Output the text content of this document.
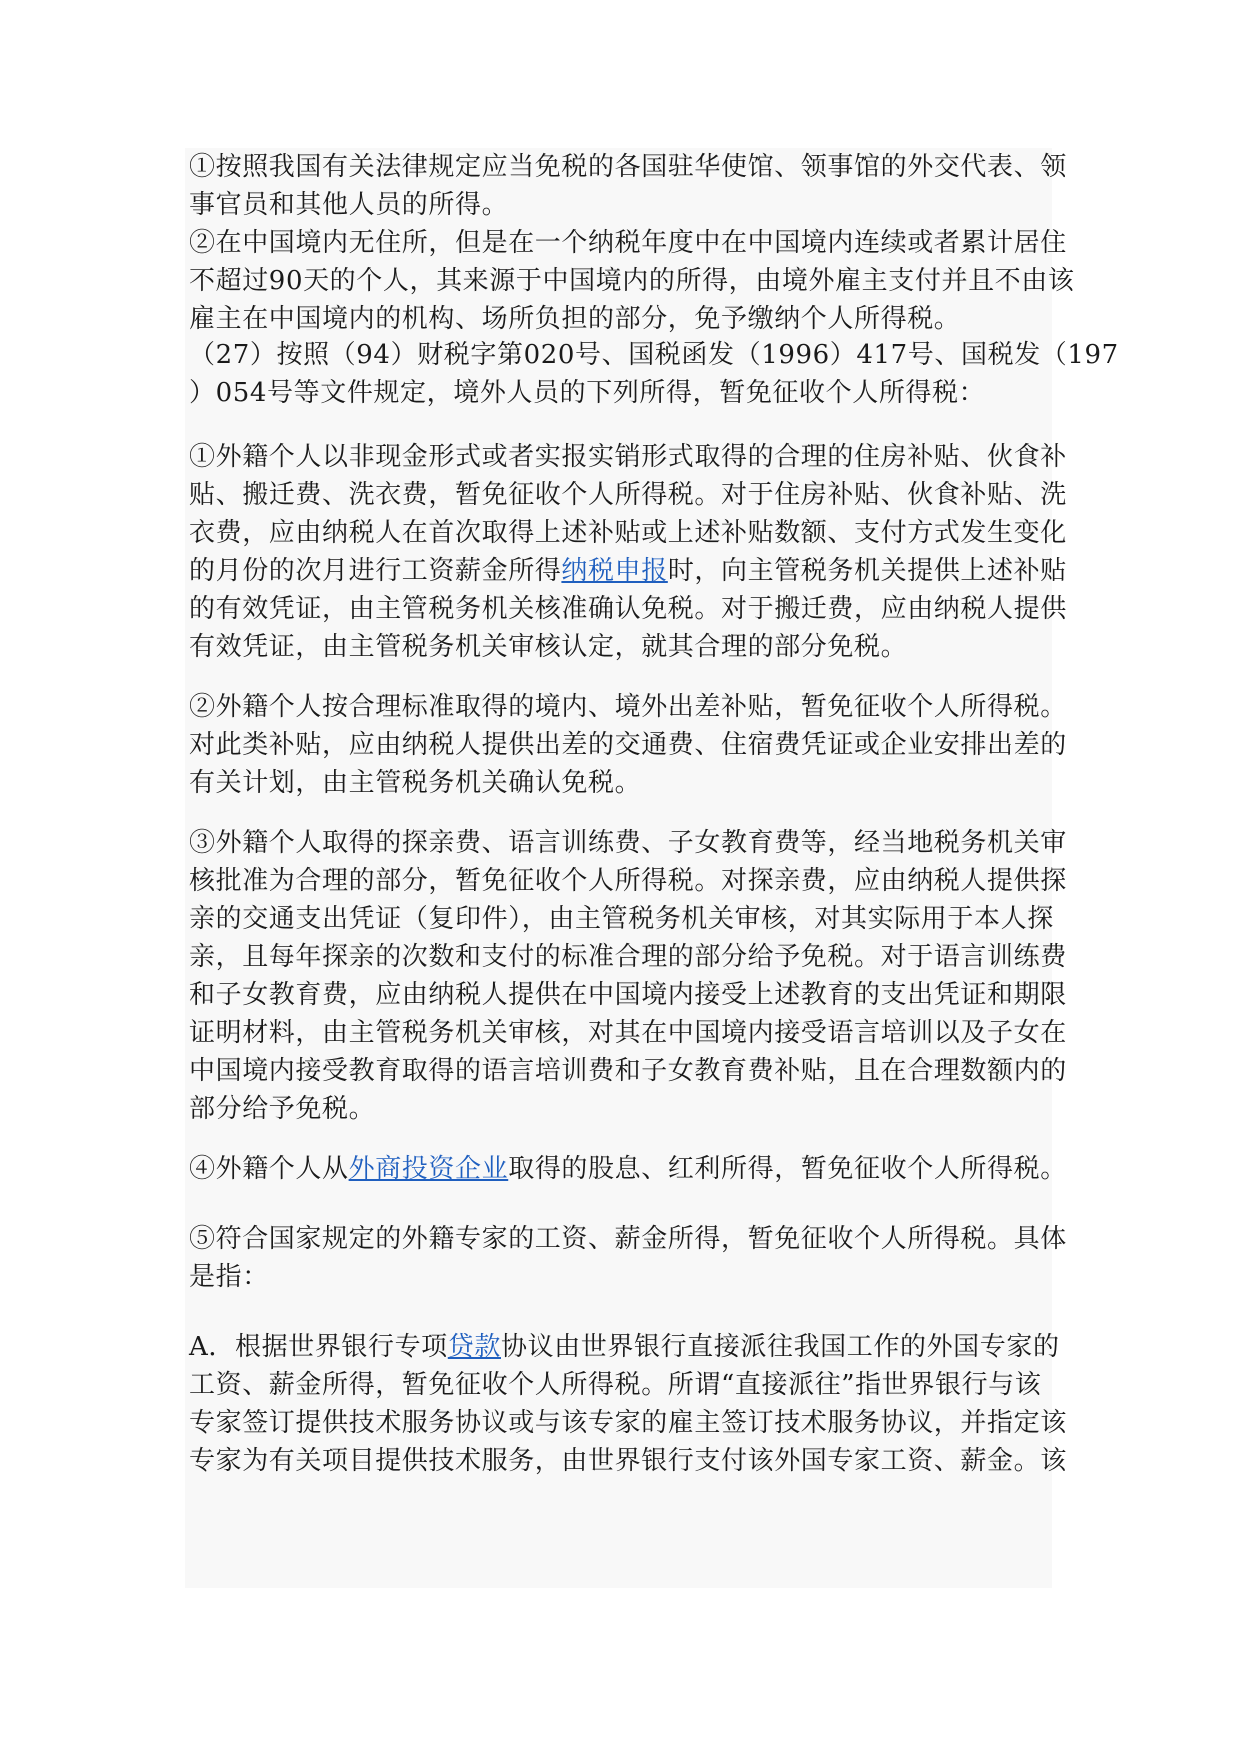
①按照我国有关法律规定应当免税的各国驻华使馆、领事馆的外交代表、领
事官员和其他人员的所得。

②在中国境内无住所，但是在一个纳税年度中在中国境内连续或者累计居住
不超过90天的个人，其来源于中国境内的所得，由境外雇主支付并且不由该
雇主在中国境内的机构、场所负担的部分，免予缴纳个人所得税。

（27）按照（94）财税字第020号、国税函发（1996）417号、国税发（197
）054号等文件规定，境外人员的下列所得，暂免征收个人所得税：

①外籍个人以非现金形式或者实报实销形式取得的合理的住房补贴、伙食补
贴、搬迁费、洗衣费，暂免征收个人所得税。对于住房补贴、伙食补贴、洗
衣费，应由纳税人在首次取得上述补贴或上述补贴数额、支付方式发生变化
的月份的次月进行工资薪金所得纳税申报时，向主管税务机关提供上述补贴
的有效凭证，由主管税务机关核准确认免税。对于搬迁费，应由纳税人提供
有效凭证，由主管税务机关审核认定，就其合理的部分免税。

②外籍个人按合理标准取得的境内、境外出差补贴，暂免征收个人所得税。
对此类补贴，应由纳税人提供出差的交通费、住宿费凭证或企业安排出差的
有关计划，由主管税务机关确认免税。

③外籍个人取得的探亲费、语言训练费、子女教育费等，经当地税务机关审
核批准为合理的部分，暂免征收个人所得税。对探亲费，应由纳税人提供探
亲的交通支出凭证（复印件），由主管税务机关审核，对其实际用于本人探
亲，且每年探亲的次数和支付的标准合理的部分给予免税。对于语言训练费
和子女教育费，应由纳税人提供在中国境内接受上述教育的支出凭证和期限
证明材料，由主管税务机关审核，对其在中国境内接受语言培训以及子女在
中国境内接受教育取得的语言培训费和子女教育费补贴，且在合理数额内的
部分给予免税。

④外籍个人从外商投资企业取得的股息、红利所得，暂免征收个人所得税。

⑤符合国家规定的外籍专家的工资、薪金所得，暂免征收个人所得税。具体
是指：

A．根据世界银行专项贷款协议由世界银行直接派往我国工作的外国专家的
工资、薪金所得，暂免征收个人所得税。所谓“直接派往”指世界银行与该
专家签订提供技术服务协议或与该专家的雇主签订技术服务协议，并指定该
专家为有关项目提供技术服务，由世界银行支付该外国专家工资、薪金。该
